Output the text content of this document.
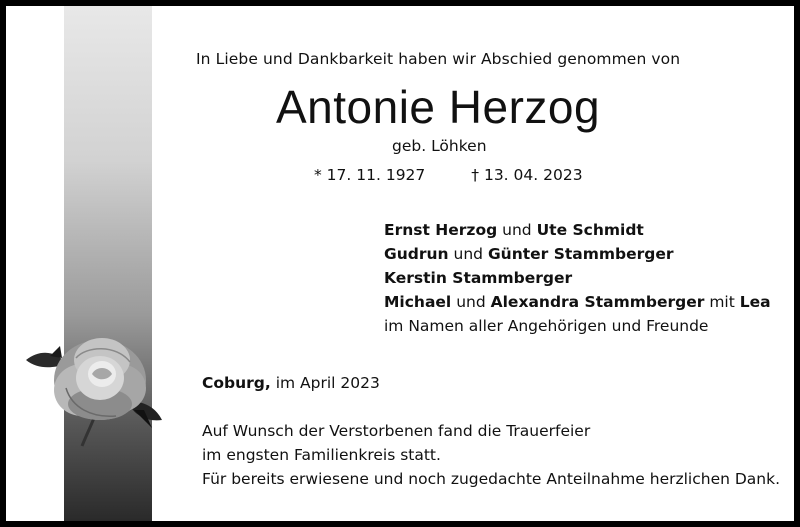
In Liebe und Dankbarkeit haben wir Abschied genommen von
Antonie Herzog
geb. Löhken
* 17. 11. 1927	† 13. 04. 2023
Ernst Herzog und Ute Schmidt
Gudrun und Günter Stammberger
Kerstin Stammberger
Michael und Alexandra Stammberger mit Lea
im Namen aller Angehörigen und Freunde
Coburg, im April 2023
Auf Wunsch der Verstorbenen fand die Trauerfeier
im engsten Familienkreis statt.
Für bereits erwiesene und noch zugedachte Anteilnahme herzlichen Dank.
